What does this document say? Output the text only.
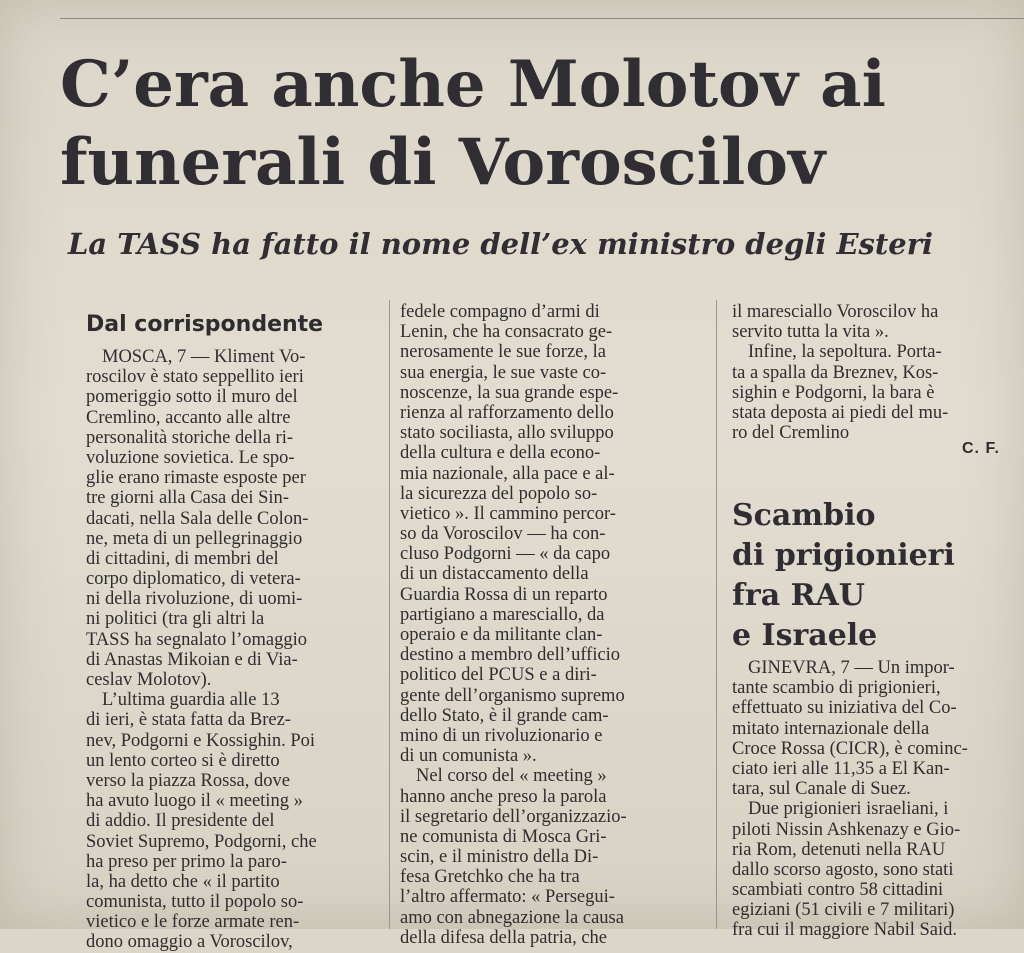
C’era anche Molotov ai
funerali di Voroscilov
La TASS ha fatto il nome dell’ex ministro degli Esteri
Dal corrispondente
MOSCA, 7 — Kliment Vo-
roscilov è stato seppellito ieri
pomeriggio sotto il muro del
Cremlino, accanto alle altre
personalità storiche della ri-
voluzione sovietica. Le spo-
glie erano rimaste esposte per
tre giorni alla Casa dei Sin-
dacati, nella Sala delle Colon-
ne, meta di un pellegrinaggio
di cittadini, di membri del
corpo diplomatico, di vetera-
ni della rivoluzione, di uomi-
ni politici (tra gli altri la
TASS ha segnalato l’omaggio
di Anastas Mikoian e di Via-
ceslav Molotov).
L’ultima guardia alle 13
di ieri, è stata fatta da Brez-
nev, Podgorni e Kossighin. Poi
un lento corteo si è diretto
verso la piazza Rossa, dove
ha avuto luogo il « meeting »
di addio. Il presidente del
Soviet Supremo, Podgorni, che
ha preso per primo la paro-
la, ha detto che « il partito
comunista, tutto il popolo so-
vietico e le forze armate ren-
dono omaggio a Voroscilov,
fedele compagno d’armi di
Lenin, che ha consacrato ge-
nerosamente le sue forze, la
sua energia, le sue vaste co-
noscenze, la sua grande espe-
rienza al rafforzamento dello
stato sociliastа, allo sviluppo
della cultura e della econo-
mia nazionale, alla pace e al-
la sicurezza del popolo so-
vietico ». Il cammino percor-
so da Voroscilov — ha con-
cluso Podgorni — « da capo
di un distaccamento della
Guardia Rossa di un reparto
partigiano a maresciallo, da
operaio e da militante clan-
destino a membro dell’ufficio
politico del PCUS e a diri-
gente dell’organismo supremo
dello Stato, è il grande cam-
mino di un rivoluzionario e
di un comunista ».
Nel corso del « meeting »
hanno anche preso la parola
il segretario dell’organizzazio-
ne comunista di Mosca Gri-
scin, e il ministro della Di-
fesa Gretchko che ha tra
l’altro affermato: « Persegui-
amo con abnegazione la causa
della difesa della patria, che
il maresciallo Voroscilov ha
servito tutta la vita ».
Infine, la sepoltura. Porta-
ta a spalla da Breznev, Kos-
sighin e Podgorni, la bara è
stata deposta ai piedi del mu-
ro del Cremlino

C. F.

Scambio
di prigionieri
fra RAU
e Israele
GINEVRA, 7 — Un impor-
tante scambio di prigionieri,
effettuato su iniziativa del Co-
mitato internazionale della
Croce Rossa (CICR), è cominc-
ciato ieri alle 11,35 a El Kan-
tara, sul Canale di Suez.
Due prigionieri israeliani, i
piloti Nissin Ashkenazy e Gio-
ria Rom, detenuti nella RAU
dallo scorso agosto, sono stati
scambiati contro 58 cittadini
egiziani (51 civili e 7 militari)
fra cui il maggiore Nabil Said.
